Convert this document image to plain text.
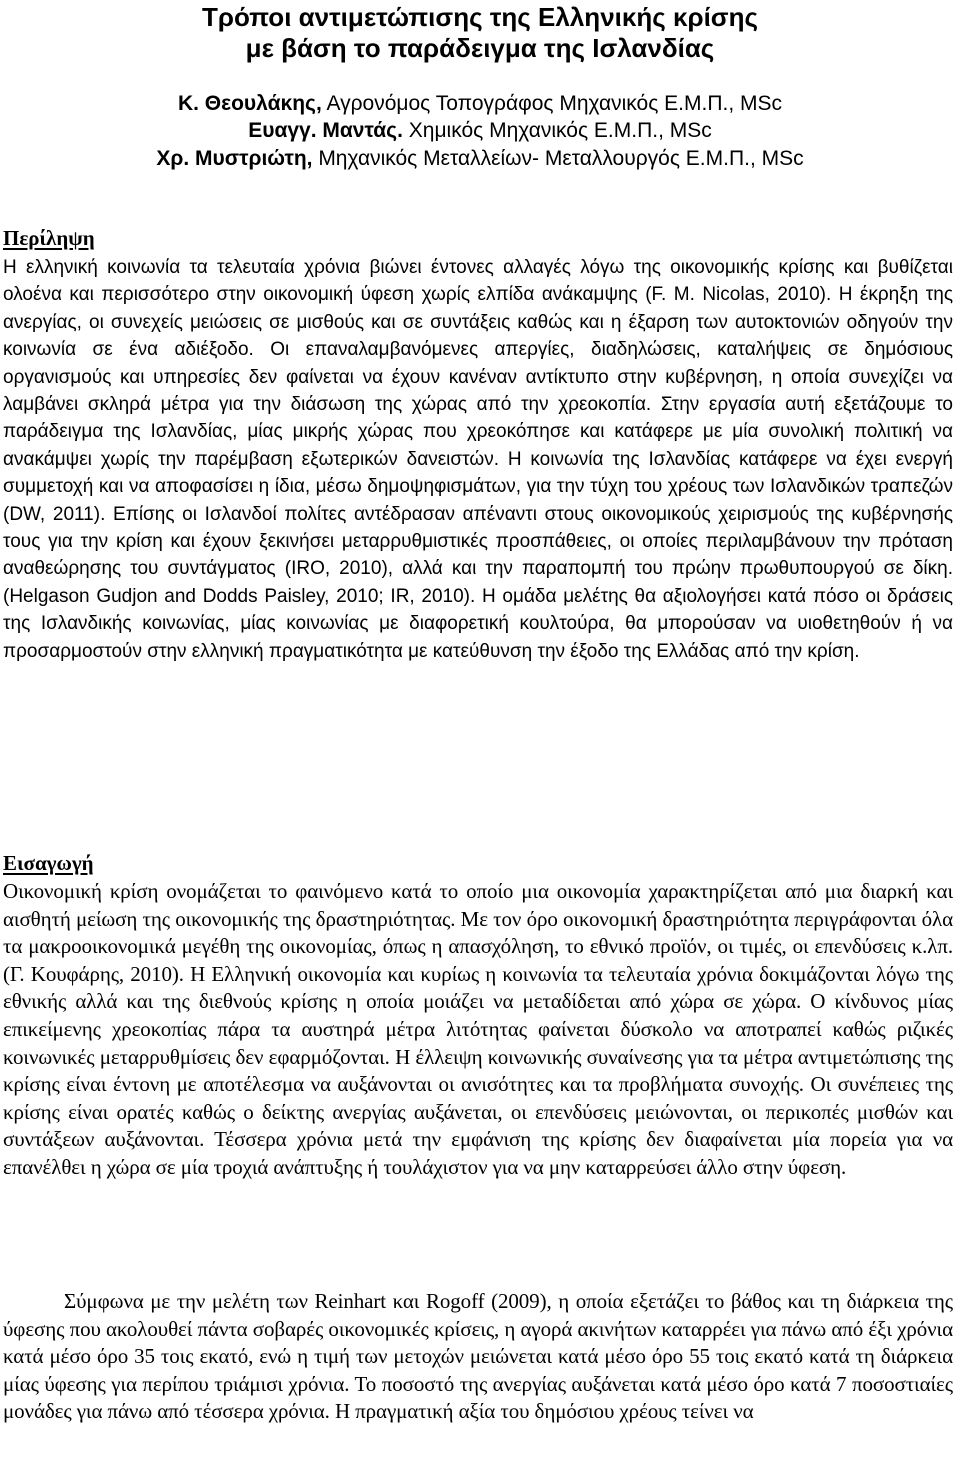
Τρόποι αντιμετώπισης της Ελληνικής κρίσης
με βάση το παράδειγμα της Ισλανδίας
Κ. Θεουλάκης, Αγρονόμος Τοπογράφος Μηχανικός Ε.Μ.Π., MSc
Ευαγγ. Μαντάς. Χημικός Μηχανικός Ε.Μ.Π., MSc
Χρ. Μυστριώτη, Μηχανικός Μεταλλείων- Μεταλλουργός Ε.Μ.Π., MSc
Περίληψη
Η ελληνική κοινωνία τα τελευταία χρόνια βιώνει έντονες αλλαγές λόγω της οικονομικής κρίσης και βυθίζεται ολοένα και περισσότερο στην οικονομική ύφεση χωρίς ελπίδα ανάκαμψης (F. M. Nicolas, 2010). Η έκρηξη της ανεργίας, οι συνεχείς μειώσεις σε μισθούς και σε συντάξεις καθώς και η έξαρση των αυτοκτονιών οδηγούν την κοινωνία σε ένα αδιέξοδο. Οι επαναλαμβανόμενες απεργίες, διαδηλώσεις, καταλήψεις σε δημόσιους οργανισμούς και υπηρεσίες δεν φαίνεται να έχουν κανέναν αντίκτυπο στην κυβέρνηση, η οποία συνεχίζει να λαμβάνει σκληρά μέτρα για την διάσωση της χώρας από την χρεοκοπία. Στην εργασία αυτή εξετάζουμε το παράδειγμα της Ισλανδίας, μίας μικρής χώρας που χρεοκόπησε και κατάφερε με μία συνολική πολιτική να ανακάμψει χωρίς την παρέμβαση εξωτερικών δανειστών. Η κοινωνία της Ισλανδίας κατάφερε να έχει ενεργή συμμετοχή και να αποφασίσει η ίδια, μέσω δημοψηφισμάτων, για την τύχη του χρέους των Ισλανδικών τραπεζών (DW, 2011). Επίσης οι Ισλανδοί πολίτες αντέδρασαν απέναντι στους οικονομικούς χειρισμούς της κυβέρνησής τους για την κρίση και έχουν ξεκινήσει μεταρρυθμιστικές προσπάθειες, οι οποίες περιλαμβάνουν την πρόταση αναθεώρησης του συντάγματος (IRO, 2010), αλλά και την παραπομπή του πρώην πρωθυπουργού σε δίκη. (Helgason Gudjon and Dodds Paisley, 2010; IR, 2010). Η ομάδα μελέτης θα αξιολογήσει κατά πόσο οι δράσεις της Ισλανδικής κοινωνίας, μίας κοινωνίας με διαφορετική κουλτούρα, θα μπορούσαν να υιοθετηθούν ή να προσαρμοστούν στην ελληνική πραγματικότητα με κατεύθυνση την έξοδο της Ελλάδας από την κρίση.
Εισαγωγή
Οικονομική κρίση ονομάζεται το φαινόμενο κατά το οποίο μια οικονομία χαρακτηρίζεται από μια διαρκή και αισθητή μείωση της οικονομικής της δραστηριότητας. Με τον όρο οικονομική δραστηριότητα περιγράφονται όλα τα μακροοικονομικά μεγέθη της οικονομίας, όπως η απασχόληση, το εθνικό προϊόν, οι τιμές, οι επενδύσεις κ.λπ. (Γ. Κουφάρης, 2010). Η Ελληνική οικονομία και κυρίως η κοινωνία τα τελευταία χρόνια δοκιμάζονται λόγω της εθνικής αλλά και της διεθνούς κρίσης η οποία μοιάζει να μεταδίδεται από χώρα σε χώρα. Ο κίνδυνος μίας επικείμενης χρεοκοπίας πάρα τα αυστηρά μέτρα λιτότητας φαίνεται δύσκολο να αποτραπεί καθώς ριζικές κοινωνικές μεταρρυθμίσεις δεν εφαρμόζονται. Η έλλειψη κοινωνικής συναίνεσης για τα μέτρα αντιμετώπισης της κρίσης είναι έντονη με αποτέλεσμα να αυξάνονται οι ανισότητες και τα προβλήματα συνοχής. Οι συνέπειες της κρίσης είναι ορατές καθώς ο δείκτης ανεργίας αυξάνεται, οι επενδύσεις μειώνονται, οι περικοπές μισθών και συντάξεων αυξάνονται. Τέσσερα χρόνια μετά την εμφάνιση της κρίσης δεν διαφαίνεται μία πορεία για να επανέλθει η χώρα σε μία τροχιά ανάπτυξης ή τουλάχιστον για να μην καταρρεύσει άλλο στην ύφεση.
Σύμφωνα με την μελέτη των Reinhart και Rogoff (2009), η οποία εξετάζει το βάθος και τη διάρκεια της ύφεσης που ακολουθεί πάντα σοβαρές οικονομικές κρίσεις, η αγορά ακινήτων καταρρέει για πάνω από έξι χρόνια κατά μέσο όρο 35 τοις εκατό, ενώ η τιμή των μετοχών μειώνεται κατά μέσο όρο 55 τοις εκατό κατά τη διάρκεια μίας ύφεσης για περίπου τριάμισι χρόνια. Το ποσοστό της ανεργίας αυξάνεται κατά μέσο όρο κατά 7 ποσοστιαίες μονάδες για πάνω από τέσσερα χρόνια. Η πραγματική αξία του δημόσιου χρέους τείνει να
